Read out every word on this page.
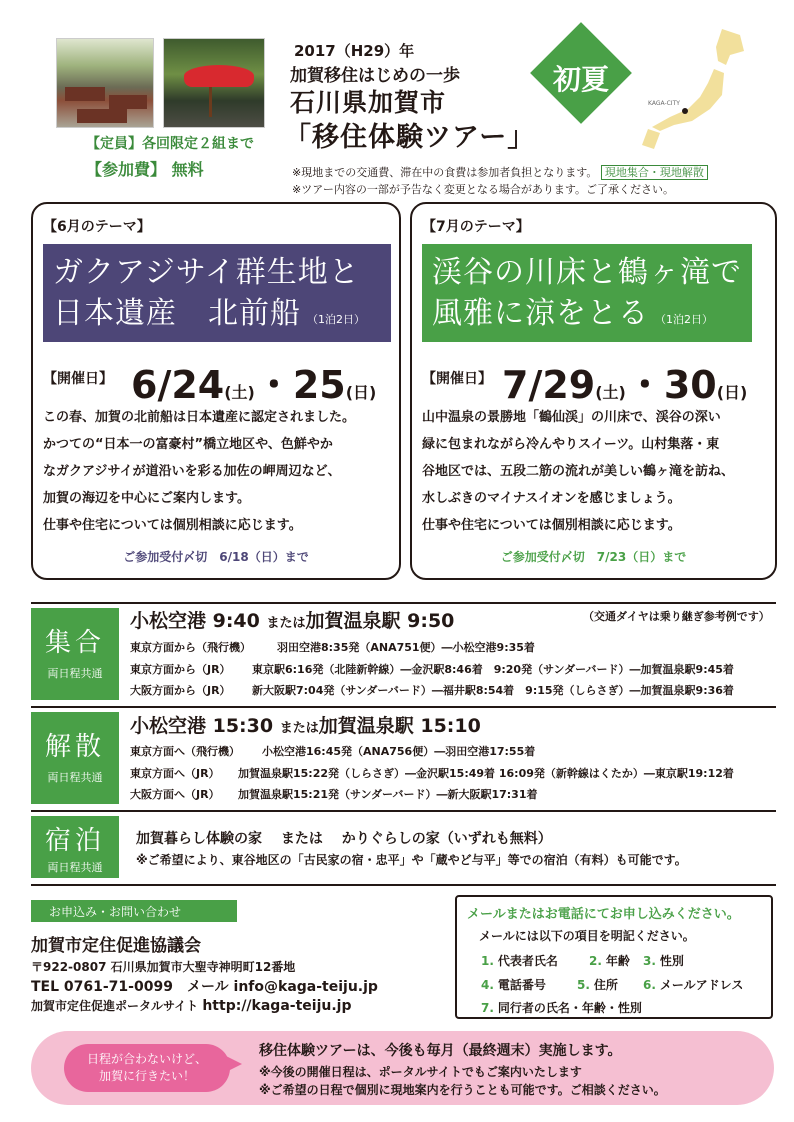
【定員】各回限定２組まで
【参加費】 無料
2017（H29）年
加賀移住はじめの一歩
石川県加賀市
「移住体験ツアー」
初夏
KAGA-CITY
※現地までの交通費、滞在中の食費は参加者負担となります。 現地集合・現地解散
※ツアー内容の一部が予告なく変更となる場合があります。ご了承ください。
【6月のテーマ】
ガクアジサイ群生地と
日本遺産　北前船 （1泊2日）
【開催日】 6/24(土)・25(日)
この春、加賀の北前船は日本遺産に認定されました。
かつての“日本一の富豪村”橋立地区や、色鮮やか
なガクアジサイが道沿いを彩る加佐の岬周辺など、
加賀の海辺を中心にご案内します。
仕事や住宅については個別相談に応じます。
ご参加受付〆切　6/18（日）まで
【7月のテーマ】
渓谷の川床と鶴ヶ滝で
風雅に涼をとる （1泊2日）
【開催日】 7/29(土)・30(日)
山中温泉の景勝地「鶴仙渓」の川床で、渓谷の深い
緑に包まれながら冷んやりスイーツ。山村集落・東
谷地区では、五段二筋の流れが美しい鶴ヶ滝を訪ね、
水しぶきのマイナスイオンを感じましょう。
仕事や住宅については個別相談に応じます。
ご参加受付〆切　7/23（日）まで
集合
両日程共通
小松空港 9:40 または加賀温泉駅 9:50	（交通ダイヤは乗り継ぎ参考例です）
東京方面から（飛行機） 羽田空港8:35発（ANA751便）―小松空港9:35着
東京方面から（JR） 東京駅6:16発（北陸新幹線）―金沢駅8:46着　9:20発（サンダーバード）―加賀温泉駅9:45着
大阪方面から（JR） 新大阪駅7:04発（サンダーバード）―福井駅8:54着　9:15発（しらさぎ）―加賀温泉駅9:36着
解散
両日程共通
小松空港 15:30 または加賀温泉駅 15:10
東京方面へ（飛行機） 小松空港16:45発（ANA756便）―羽田空港17:55着
東京方面へ（JR） 加賀温泉駅15:22発（しらさぎ）―金沢駅15:49着 16:09発（新幹線はくたか）―東京駅19:12着
大阪方面へ（JR） 加賀温泉駅15:21発（サンダーバード）―新大阪駅17:31着
宿泊
両日程共通
加賀暮らし体験の家　 または　 かりぐらしの家（いずれも無料）
※ご希望により、東谷地区の「古民家の宿・忠平」や「蔵やど与平」等での宿泊（有料）も可能です。
お申込み・お問い合わせ
加賀市定住促進協議会
〒922-0807 石川県加賀市大聖寺神明町12番地
TEL 0761-71-0099　メール info@kaga-teiju.jp
加賀市定住促進ポータルサイト http://kaga-teiju.jp
メールまたはお電話にてお申し込みください。
メールには以下の項目を明記ください。
1. 代表者氏名	2. 年齢 3. 性別
4. 電話番号	5. 住所 6. メールアドレス
7. 同行者の氏名・年齢・性別
日程が合わないけど、
加賀に行きたい！
移住体験ツアーは、今後も毎月（最終週末）実施します。
※今後の開催日程は、ポータルサイトでもご案内いたします
※ご希望の日程で個別に現地案内を行うことも可能です。ご相談ください。
